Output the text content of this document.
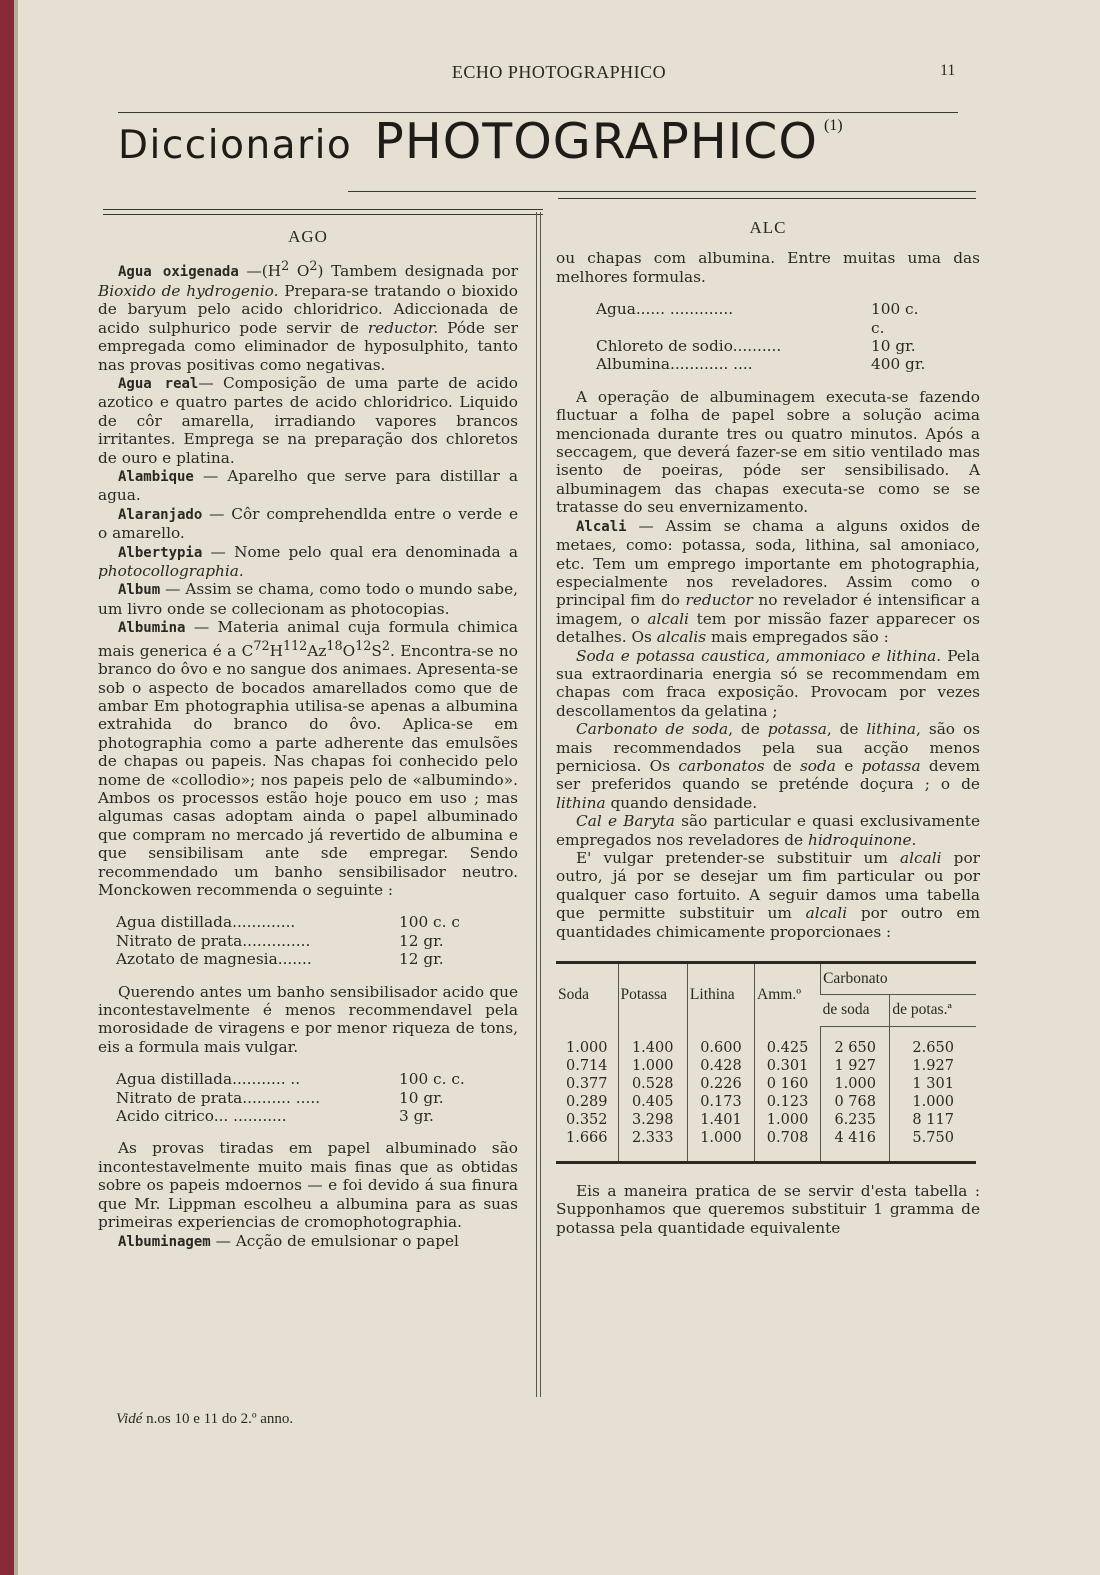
ECHO PHOTOGRAPHICO	11
Diccionario PHOTOGRAPHICO (1)
AGO

Agua oxigenada $—(H^2$ $O^2$) Tambem designada por Bioxido de hydrogenio. Prepara-se tratando o bioxido de baryum pelo acido chloridrico. Adiccionada de acido sulphurico pode servir de reductor. Póde ser empregada como eliminador de hyposulphito, tanto nas provas positivas como negativas.

Agua real— Composição de uma parte de acido azotico e quatro partes de acido chloridrico. Liquido de côr amarella, irradiando vapores brancos irritantes. Emprega se na preparação dos chloretos de ouro e platina.

Alambique — Aparelho que serve para distillar a agua.

Alaranjado — Côr comprehendlda entre o verde e o amarello.

Albertypia — Nome pelo qual era denominada a photocollographia.

Album — Assim se chama, como todo o mundo sabe, um livro onde se collecionam as photocopias.

Albumina — Materia animal cuja formula chimica mais generica é a $C^{72}H^{112}Az^{18}O^{12}S^2$. Encontra-se no branco do ôvo e no sangue dos animaes. Apresenta-se sob o aspecto de bocados amarellados como que de ambar Em photographia utilisa-se apenas a albumina extrahida do branco do ôvo. Aplica-se em photographia como a parte adherente das emulsões de chapas ou papeis. Nas chapas foi conhecido pelo nome de «collodio»; nos papeis pelo de «albumindo». Ambos os processos estão hoje pouco em uso ; mas algumas casas adoptam ainda o papel albuminado que compram no mercado já revertido de albumina e que sensibilisam ante sde empregar. Sendo recommendado um banho sensibilisador neutro. Monckowen recommenda o seguinte :

Agua distillada.............	100 c. c
Nitrato de prata..............	12 gr.
Azotato de magnesia.......	12 gr.

Querendo antes um banho sensibilisador acido que incontestavelmente é menos recommendavel pela morosidade de viragens e por menor riqueza de tons, eis a formula mais vulgar.

Agua distillada........... ..	100 c. c.
Nitrato de prata.......... .....	10 gr.
Acido citrico... ...........	3 gr.

As provas tiradas em papel albuminado são incontestavelmente muito mais finas que as obtidas sobre os papeis mdoernos — e foi devido á sua finura que Mr. Lippman escolheu a albumina para as suas primeiras experiencias de cromophotographia.

Albuminagem — Acção de emulsionar o papel

Vidé n.os 10 e 11 do 2.º anno.
ALC

ou chapas com albumina. Entre muitas uma das melhores formulas.

Agua...... .............	100 c. c.
Chloreto de sodio..........	10 gr.
Albumina............ ....	400 gr.

A operação de albuminagem executa-se fazendo fluctuar a folha de papel sobre a solução acima mencionada durante tres ou quatro minutos. Após a seccagem, que deverá fazer-se em sitio ventilado mas isento de poeiras, póde ser sensibilisado. A albuminagem das chapas executa-se como se se tratasse do seu envernizamento.

Alcali — Assim se chama a alguns oxidos de metaes, como: potassa, soda, lithina, sal amoniaco, etc. Tem um emprego importante em photographia, especialmente nos reveladores. Assim como o principal fim do reductor no revelador é intensificar a imagem, o alcali tem por missão fazer apparecer os detalhes. Os alcalis mais empregados são :

Soda e potassa caustica, ammoniaco e lithina. Pela sua extraordinaria energia só se recommendam em chapas com fraca exposição. Provocam por vezes descollamentos da gelatina ;

Carbonato de soda, de potassa, de lithina, são os mais recommendados pela sua acção menos perniciosa. Os carbonatos de soda e potassa devem ser preferidos quando se preténde doçura ; o de lithina quando densidade.

Cal e Baryta são particular e quasi exclusivamente empregados nos reveladores de hidroquinone.

E' vulgar pretender-se substituir um alcali por outro, já por se desejar um fim particular ou por qualquer caso fortuito. A seguir damos uma tabella que permitte substituir um alcali por outro em quantidades chimicamente proporcionaes :

Soda	Potassa	Lithina	Amm.º	Carbonato	
				de soda	de potas.ª

1.000	1.400	0.600	0.425	2 650	2.650
0.714	1.000	0.428	0.301	1 927	1.927
0.377	0.528	0.226	0 160	1.000	1 301
0.289	0.405	0.173	0.123	0 768	1.000
0.352	3.298	1.401	1.000	6.235	8 117
1.666	2.333	1.000	0.708	4 416	5.750

Eis a maneira pratica de se servir d'esta tabella : Supponhamos que queremos substituir 1 gramma de potassa pela quantidade equivalente
